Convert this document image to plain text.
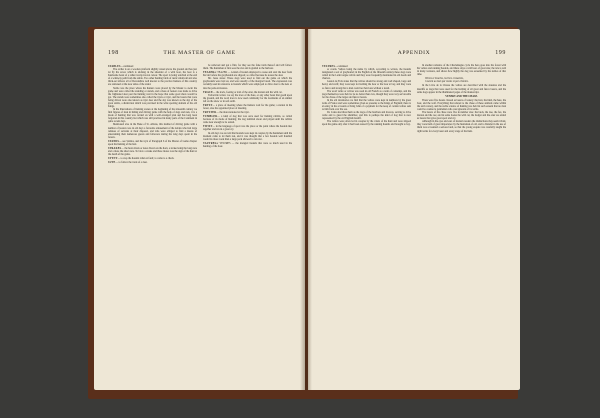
198	THE MASTER OF GAME

STABLES—continued

The archer is on a wooden platform slightly raised above the ground and has just let fly his arrow which is sticking in the shoulder of a wild boar, the boar is a handsome beast of a rather tawny-brown colour. The sport is being watched at the end of a walkway path from the stable. Two other hunting birds of rustic small-tail and also thick-set fellows all of Devonshire well known to the practice hunters of this country are stationed at the near sides of the stand.

Stable was the place where the hunters were placed by the Master to await the game and were called the standing or stands, and a mass of beaters was made to drive the frightened deer past the hunting wait in the hope that some good shots would be got. The stands were sometimes also called the trysts or tryst, and the beasts that were being driven were also known as tryst deer and the day was known as the day of the great stable, a distinction which was practised in the wide sporting domain of the old Kings.

In the illustrations of hunting scenes at the beginning of the sixteenth century we find figures of men in hiding and driving game with the help of dogs and nets, it is a mode of hunting that was carried on with a well-arranged plan and has long been forgotten in this country but which was still practised in many parts of the Continent in quite recent days.

Mentioned also in the Boke of St. Albans, this method of driving game with a number of beaters was in old days a favourite amusement of the nobles who had large retinues of servants at their disposal, and who were obliged to find a means of entertaining their numerous guests and followers during the long days spent in the forests.

STANDS— see Stables, and the tryst of Paragraph 6 of the Master of Game chapter upon the hunting of the hart.

STRAKES— the horn-blasts or notes blown on the horn, a strake being the long note and a mote the short note. To blow a strake and three motes was the sign of the hunt at the death of the game.

STYNT— to stop the hounds when at fault; to come to a check.

SUTE— to follow the track of a deer.

be removed and put a flint, for they see the false trails thereof and will follow them. The huntsman at first sees the slot and is guided to the harbour.

TEASERor TEAZER — A kind of hound employed to rouse and start the deer from his lair before the greyhounds are slipped; so called because he teases the deer.

Mr. Jesse states: These dogs were used to find out the game on which the greyhounds were laid on, and were usually of the mongrel breed. The expression was certainly used in reference to hounds which were employed to drive deer to the nets or into the park enclosures.

TRACE— the track, footing or trail of the otter, the marten and the wild cat.

Turbervile writes: we say the trace of the hare, or any other beast that goeth upon the ground, and the word trace is now used commonly for the footmarks of an animal left on the snow or in soft earth.

TRYST— a place of meeting where the hunters wait for the game; a station in the forest, also the appointed place of meeting.

TRYSTER— the man stationed at the tryst.

TUMBLER— a kind of dog that was once used for hunting rabbits, so called because of its mode of hunting; the dog tumbled about and played until the rabbits came near enough to be seized.

TWIST— in the language of sport was the place or the point where the hounds met together and ran in a great cry.

In old days we are told that hounds were kept in couples by the huntsmen until the moment came to let them run, and it was thought that a few hounds well handled would do more work than a large pack allowed to run riot.

VAUTRESor VELTRES — the mongrel hounds that were so much used in the hunting of the boar.

APPENDIX	199

VELTRES—continued

or courts. Veltres being the name by which, according to writers, the hounds designated a sort of greyhound; in the English of the fifteenth century these dogs were called in the Latin tongue veltris and they were frequently mentioned in old deeds and charters.

Gaston de Foix states that the veltres should be strong and well shaped, large and heavy and swift; they were kept for holding the bear or the boar at bay, and they were so fierce and strong that a man could not hold one without a leash.

The word veltre or veltres was used in old French as a term of contempt, and the dogs themselves were held to be no better than curs, though they were very serviceable for the chase of the larger and fiercer beasts.

In the old inventories we find that the veltres were kept in numbers by the great lords of France and were sometimes given as presents to the Kings of England; there is an entry in the accounts of King John of a payment for the keep of certain veltres sent to him from over the sea.

Dr. Caius describes them as the dogs of the butchers and drovers, serving to drive cattle and to guard the shambles; and this is perhaps the kind of dog that is now represented by the old English mastiff.

The veltres were often led in couples by the valets of the hunt and were slipped upon the game only after it had been roused by the running hounds and brought to bay.

In another romance of the Charlemagne cycle the hero goes into the forest with his veltres and running hounds, and there slays a wild boar of great size; the tale is told in many versions, and shows how highly the dog was esteemed by the nobles of that time.

Veltres et braches, levriers et mastins,
Courent au bois par monts et par chemins.

In the Livre de la Chasse the veltres are described with the alauntes and the mastiffs as dogs that were used for the holding of all great and fierce beasts, and the same dogs appear in the illuminated pages of the manuscript.

VENERY AND THE CHASE.

There were five beasts classed as beasts of venery: the hart, the hind, the hare, the boar, and the wolf. Everything that related to the chase of these animals came within the term venery, and the noble science of hunting was held in such esteem that no man could be counted a gentleman who was ignorant of its terms.

The beasts of the chase were five in number also: the buck, the doe, the fox, the marten and the roe; and in some books the wild cat, the badger and the otter are added as beasts that gave great sport and cry.

Although in the eyes and ears of modern readers the distinctions may seem trivial, they were held of great importance by the huntsmen of old, and to blunder in the use of them was accounted a serious fault, so that the young esquire was carefully taught the right terms for every beast and every stage of the hunt.
